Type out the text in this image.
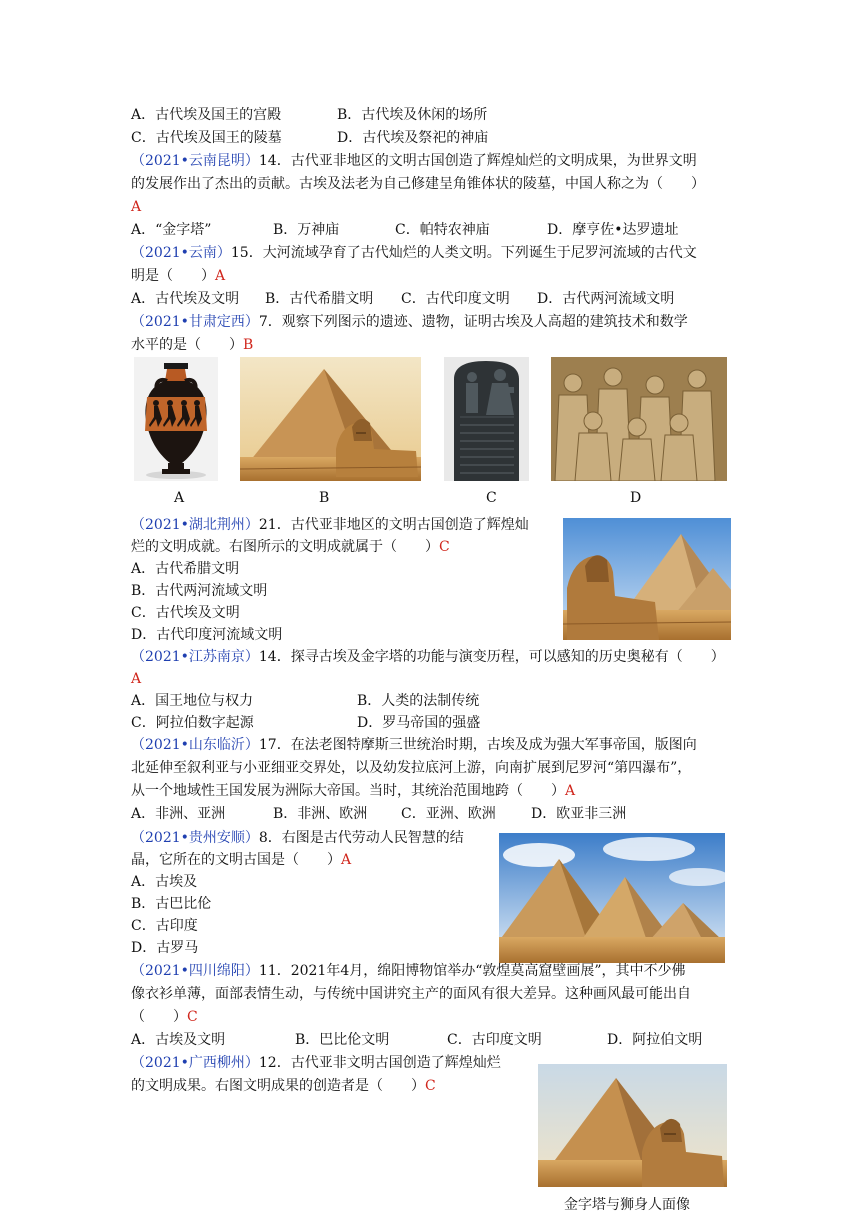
A．古代埃及国王的宫殿	B．古代埃及休闲的场所
C．古代埃及国王的陵墓	D．古代埃及祭祀的神庙
（2021•云南昆明）14．古代亚非地区的文明古国创造了辉煌灿烂的文明成果，为世界文明
的发展作出了杰出的贡献。古埃及法老为自己修建呈角锥体状的陵墓，中国人称之为（　　）
A
A．“金字塔”	B．万神庙	C．帕特农神庙	D．摩亨佐•达罗遗址
（2021•云南）15．大河流域孕育了古代灿烂的人类文明。下列诞生于尼罗河流域的古代文
明是（　　）A
A．古代埃及文明 B．古代希腊文明 C．古代印度文明 D．古代两河流域文明
（2021•甘肃定西）7．观察下列图示的遗迹、遗物，证明古埃及人高超的建筑技术和数学
水平的是（　　）B
A	B	C	D
（2021•湖北荆州）21．古代亚非地区的文明古国创造了辉煌灿
烂的文明成就。右图所示的文明成就属于（　　）C
A．古代希腊文明
B．古代两河流域文明
C．古代埃及文明
D．古代印度河流域文明
（2021•江苏南京）14．探寻古埃及金字塔的功能与演变历程，可以感知的历史奥秘有（　　）
A
A．国王地位与权力	B．人类的法制传统
C．阿拉伯数字起源	D．罗马帝国的强盛
（2021•山东临沂）17．在法老图特摩斯三世统治时期，古埃及成为强大军事帝国，版图向
北延伸至叙利亚与小亚细亚交界处，以及幼发拉底河上游，向南扩展到尼罗河“第四瀑布”，
从一个地域性王国发展为洲际大帝国。当时，其统治范围地跨（　　）A
A．非洲、亚洲	B．非洲、欧洲 C．亚洲、欧洲	D．欧亚非三洲
（2021•贵州安顺）8．右图是古代劳动人民智慧的结
晶，它所在的文明古国是（　　）A
A．古埃及
B．古巴比伦
C．古印度
D．古罗马
（2021•四川绵阳）11．2021年4月，绵阳博物馆举办“敦煌莫高窟壁画展”，其中不少佛
像衣衫单薄，面部表情生动，与传统中国讲究主产的面风有很大差异。这种画风最可能出自
（　　）C
A．古埃及文明	B．巴比伦文明	C．古印度文明	D．阿拉伯文明
（2021•广西柳州）12．古代亚非文明古国创造了辉煌灿烂
的文明成果。右图文明成果的创造者是（　　）C
金字塔与狮身人面像
